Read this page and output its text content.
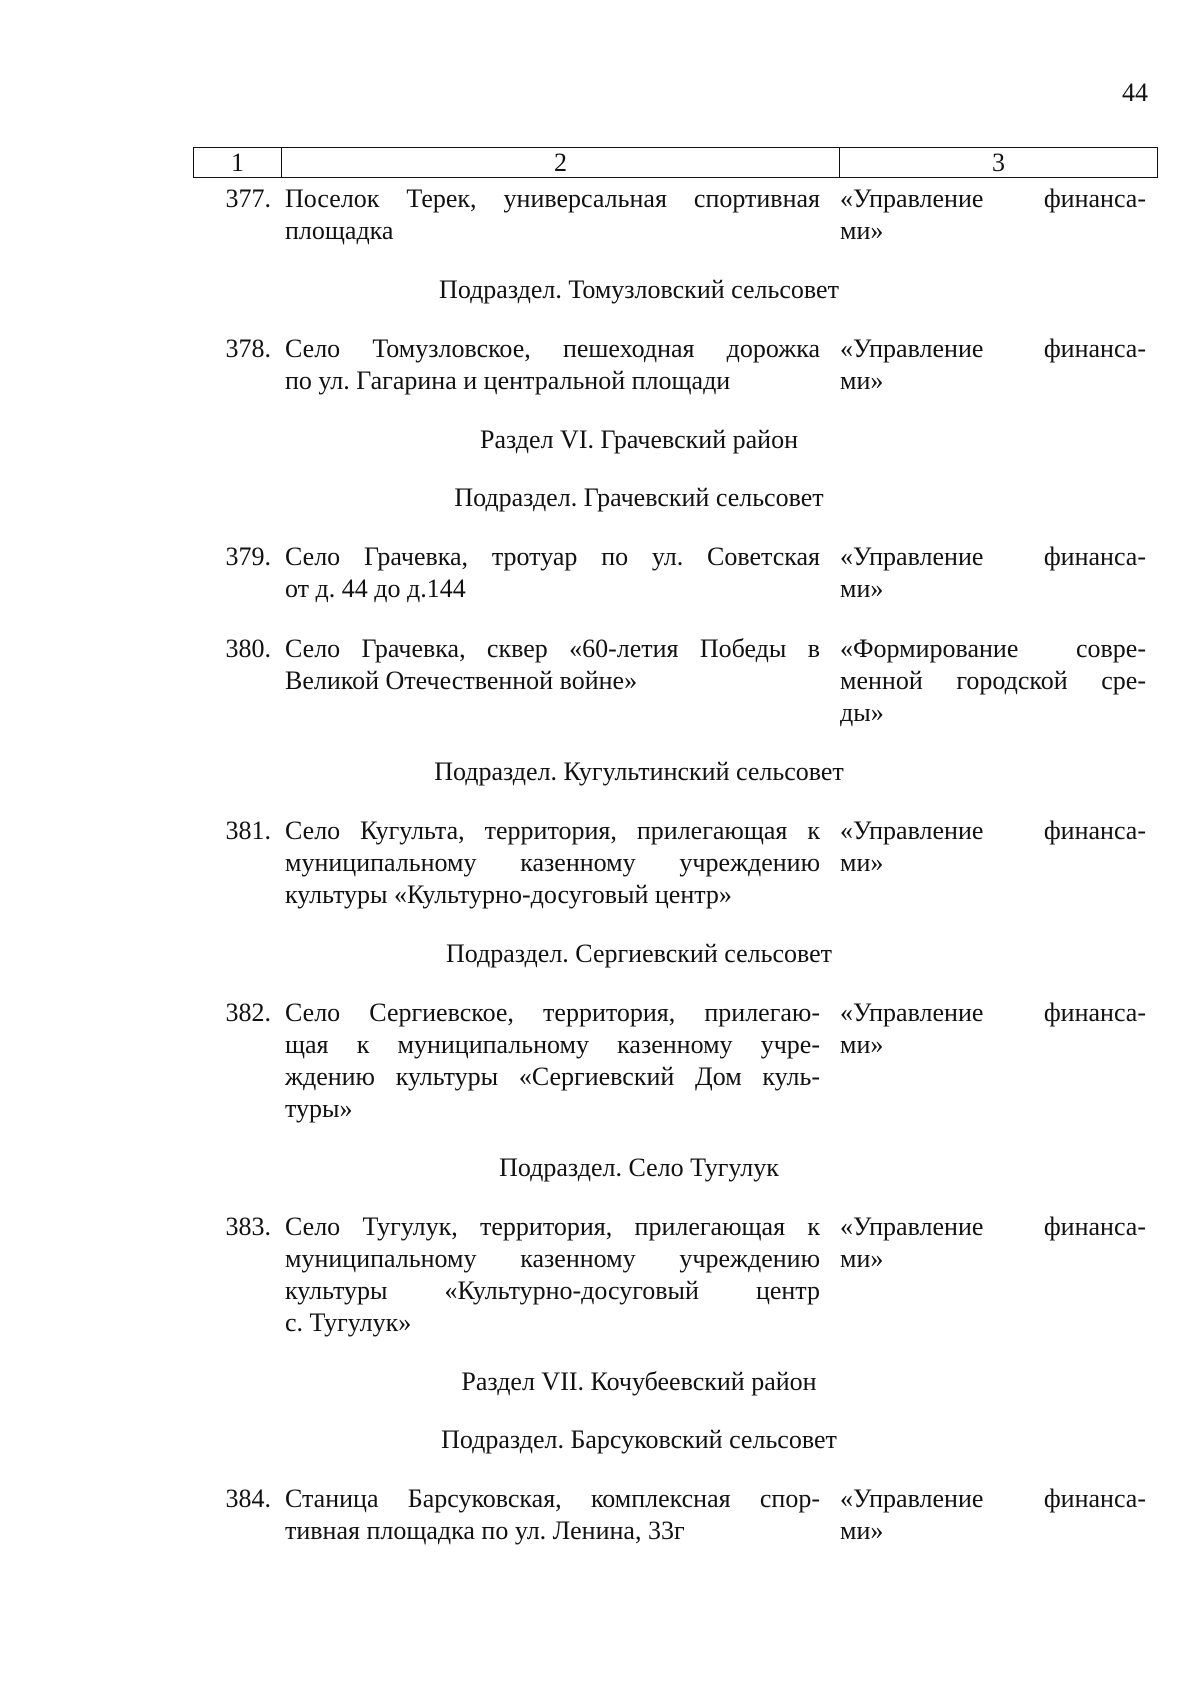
44
1	2	3
377. Поселок Терек, универсальная спортивная
площадка
«Управление финанса-
ми»
Подраздел. Томузловский сельсовет
378. Село Томузловское, пешеходная дорожка
по ул. Гагарина и центральной площади
«Управление финанса-
ми»
Раздел VI. Грачевский район
Подраздел. Грачевский сельсовет
379. Село Грачевка, тротуар по ул. Советская
от д. 44 до д.144
«Управление финанса-
ми»
380. Село Грачевка, сквер «60-летия Победы в
Великой Отечественной войне»
«Формирование совре-
менной городской сре-
ды»
Подраздел. Кугультинский сельсовет
381. Село Кугульта, территория, прилегающая к
муниципальному казенному учреждению
культуры «Культурно-досуговый центр»
«Управление финанса-
ми»
Подраздел. Сергиевский сельсовет
382. Село Сергиевское, территория, прилегаю-
щая к муниципальному казенному учре-
ждению культуры «Сергиевский Дом куль-
туры»
«Управление финанса-
ми»
Подраздел. Село Тугулук
383. Село Тугулук, территория, прилегающая к
муниципальному казенному учреждению
культуры «Культурно-досуговый центр
с. Тугулук»
«Управление финанса-
ми»
Раздел VII. Кочубеевский район
Подраздел. Барсуковский сельсовет
384. Станица Барсуковская, комплексная спор-
тивная площадка по ул. Ленина, 33г
«Управление финанса-
ми»
